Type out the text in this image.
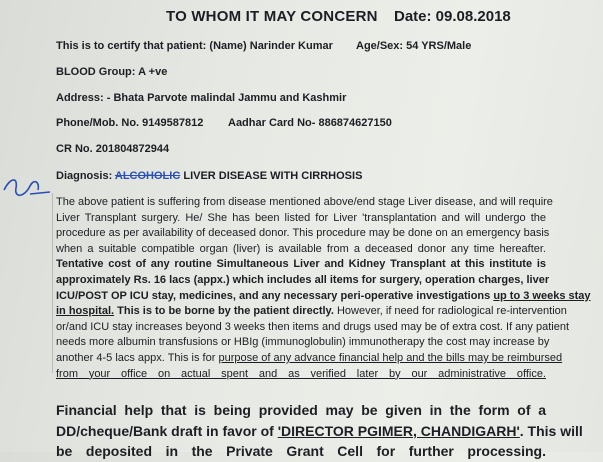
TO WHOM IT MAY CONCERN Date: 09.08.2018
This is to certify that patient: (Name) Narinder Kumar Age/Sex: 54 YRS/Male
BLOOD Group: A +ve
Address: - Bhata Parvote malindal Jammu and Kashmir
Phone/Mob. No. 9149587812 Aadhar Card No- 886874627150
CR No. 201804872944
Diagnosis: ALCOHOLIC LIVER DISEASE WITH CIRRHOSIS
The above patient is suffering from disease mentioned above/end stage Liver disease, and will require
Liver Transplant surgery. He/ She has been listed for Liver 'transplantation and will undergo the
procedure as per availability of deceased donor. This procedure may be done on an emergency basis
when a suitable compatible organ (liver) is available from a deceased donor any time hereafter.
Tentative cost of any routine Simultaneous Liver and Kidney Transplant at this institute is
approximately Rs. 16 lacs (appx.) which includes all items for surgery, operation charges, liver
ICU/POST OP ICU stay, medicines, and any necessary peri-operative investigations up to 3 weeks stay
in hospital. This is to be borne by the patient directly. However, if need for radiological re-intervention
or/and ICU stay increases beyond 3 weeks then items and drugs used may be of extra cost. If any patient
needs more albumin transfusions or HBIg (immunoglobulin) immunotherapy the cost may increase by
another 4-5 lacs appx. This is for purpose of any advance financial help and the bills may be reimbursed
from your office on actual spent and as verified later by our administrative office.
Financial help that is being provided may be given in the form of a
DD/cheque/Bank draft in favor of 'DIRECTOR PGIMER, CHANDIGARH'. This will
be deposited in the Private Grant Cell for further processing.
